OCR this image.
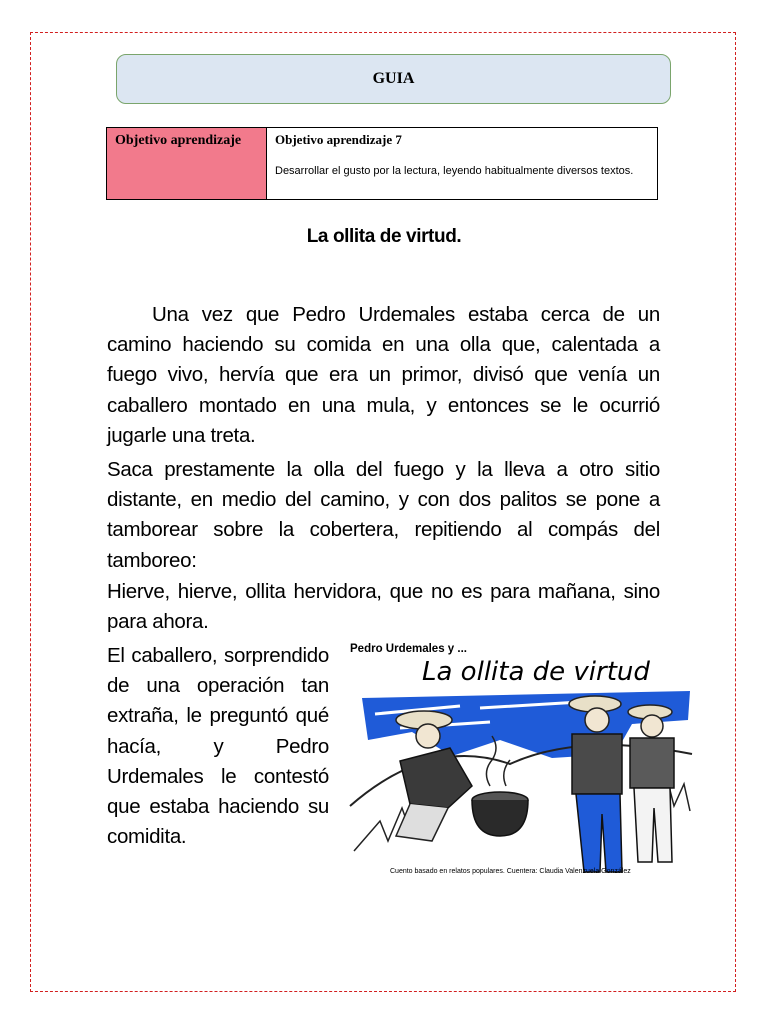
GUIA
Objetivo aprendizaje	Objetivo aprendizaje 7
Desarrollar el gusto por la lectura, leyendo habitualmente diversos textos.
La ollita de virtud.
Una vez que Pedro Urdemales estaba cerca de un camino haciendo su comida en una olla que, calentada a fuego vivo, hervía que era un primor, divisó que venía un caballero montado en una mula, y entonces se le ocurrió jugarle una treta.
Saca prestamente la olla del fuego y la lleva a otro sitio distante, en medio del camino, y con dos palitos se pone a tamborear sobre la cobertera, repitiendo al compás del tamboreo:
Hierve, hierve, ollita hervidora, que no es para mañana, sino para ahora.
El caballero, sorprendido de una operación tan extraña, le preguntó qué hacía, y Pedro Urdemales le contestó que estaba haciendo su comidita.
Pedro Urdemales y ...
La ollita de virtud
Cuento basado en relatos populares. Cuentera: Claudia Valenzuela González
